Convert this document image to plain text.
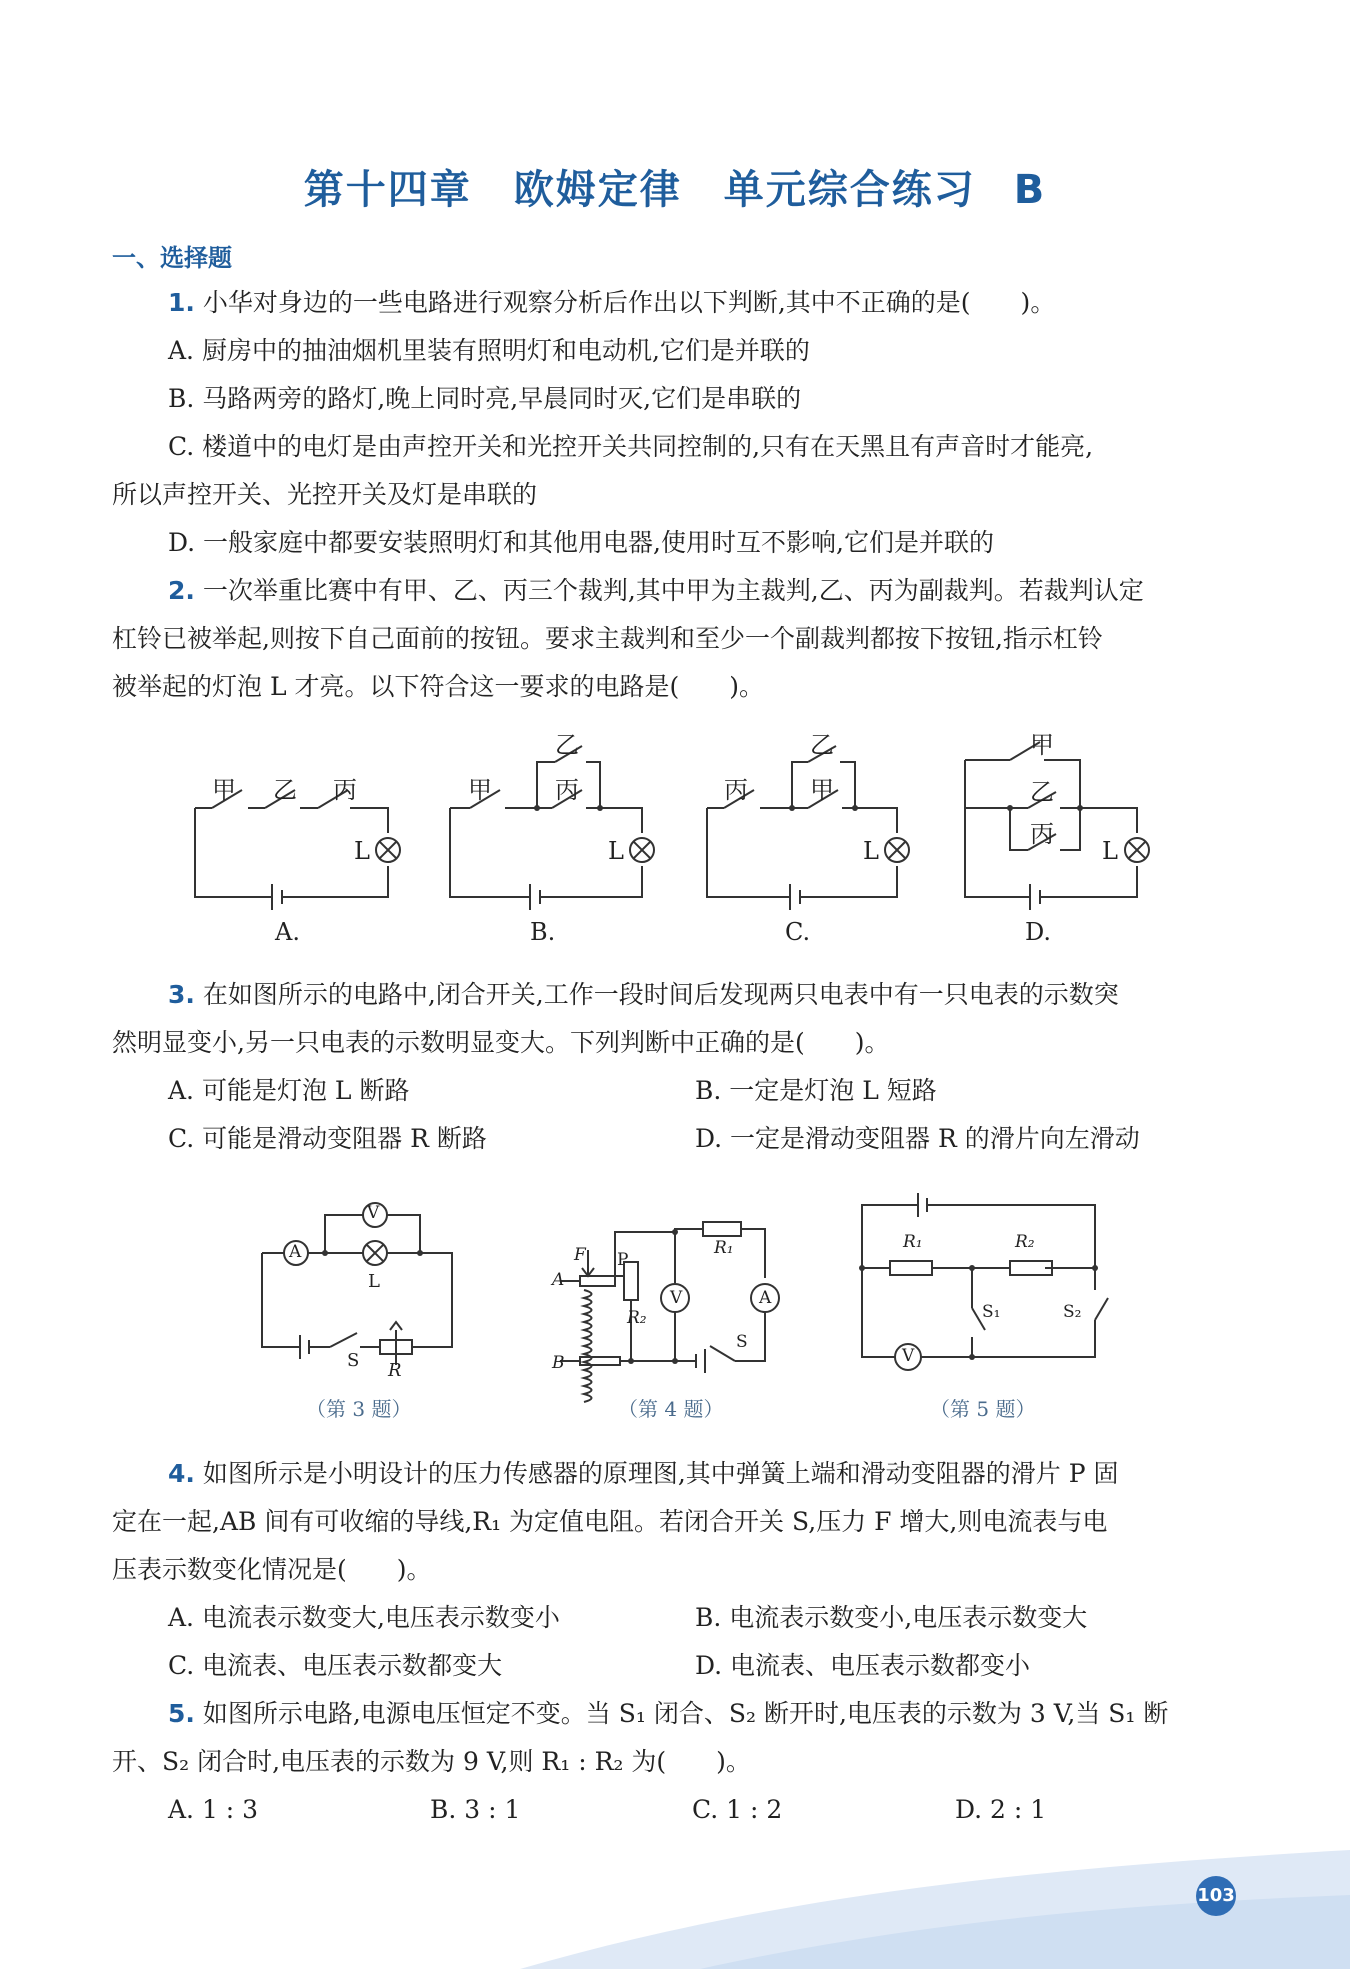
第十四章　欧姆定律　单元综合练习 B
一、选择题
1. 小华对身边的一些电路进行观察分析后作出以下判断,其中不正确的是(　　)。
A. 厨房中的抽油烟机里装有照明灯和电动机,它们是并联的
B. 马路两旁的路灯,晚上同时亮,早晨同时灭,它们是串联的
C. 楼道中的电灯是由声控开关和光控开关共同控制的,只有在天黑且有声音时才能亮,
所以声控开关、光控开关及灯是串联的
D. 一般家庭中都要安装照明灯和其他用电器,使用时互不影响,它们是并联的
2. 一次举重比赛中有甲、乙、丙三个裁判,其中甲为主裁判,乙、丙为副裁判。若裁判认定
杠铃已被举起,则按下自己面前的按钮。要求主裁判和至少一个副裁判都按下按钮,指示杠铃
被举起的灯泡 L 才亮。以下符合这一要求的电路是(　　)。
甲 乙 丙
L
A.
甲
乙
丙
L
B.
丙
乙
甲
L
C.
甲
乙
丙
L
D.
3. 在如图所示的电路中,闭合开关,工作一段时间后发现两只电表中有一只电表的示数突
然明显变小,另一只电表的示数明显变大。下列判断中正确的是(　　)。
A. 可能是灯泡 L 断路	B. 一定是灯泡 L 短路
C. 可能是滑动变阻器 R 断路	D. 一定是滑动变阻器 R 的滑片向左滑动
V
A
L
S R
（第 3 题）
F P
A
B
R₁
R₂
V	A
S
（第 4 题）
R₁	R₂
S₁	S₂
V
（第 5 题）
4. 如图所示是小明设计的压力传感器的原理图,其中弹簧上端和滑动变阻器的滑片 P 固
定在一起,AB 间有可收缩的导线,R₁ 为定值电阻。若闭合开关 S,压力 F 增大,则电流表与电
压表示数变化情况是(　　)。
A. 电流表示数变大,电压表示数变小	B. 电流表示数变小,电压表示数变大
C. 电流表、电压表示数都变大	D. 电流表、电压表示数都变小
5. 如图所示电路,电源电压恒定不变。当 S₁ 闭合、S₂ 断开时,电压表的示数为 3 V,当 S₁ 断
开、S₂ 闭合时,电压表的示数为 9 V,则 R₁ : R₂ 为(　　)。
A. 1 : 3	B. 3 : 1	C. 1 : 2	D. 2 : 1
103
